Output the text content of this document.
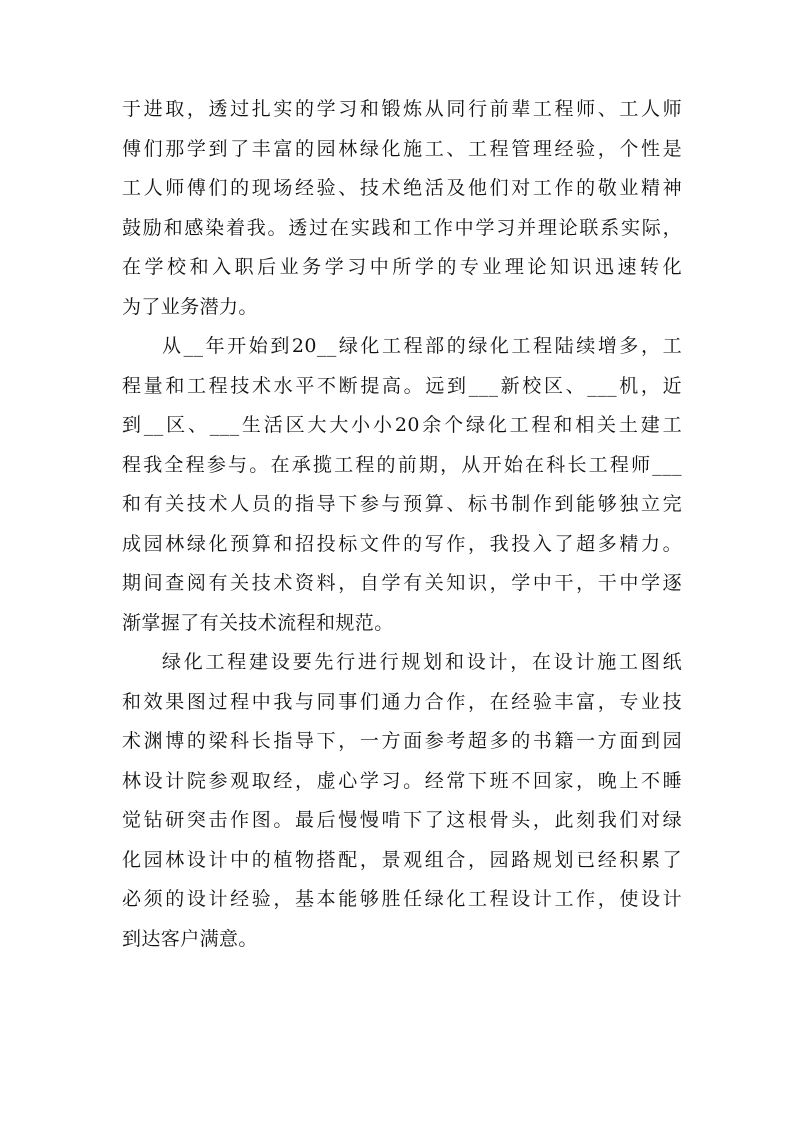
于进取，透过扎实的学习和锻炼从同行前辈工程师、工人师
傅们那学到了丰富的园林绿化施工、工程管理经验，个性是
工人师傅们的现场经验、技术绝活及他们对工作的敬业精神
鼓励和感染着我。透过在实践和工作中学习并理论联系实际，
在学校和入职后业务学习中所学的专业理论知识迅速转化
为了业务潜力。
从__年开始到20__绿化工程部的绿化工程陆续增多，工
程量和工程技术水平不断提高。远到___新校区、___机，近
到__区、___生活区大大小小20余个绿化工程和相关土建工
程我全程参与。在承揽工程的前期，从开始在科长工程师___
和有关技术人员的指导下参与预算、标书制作到能够独立完
成园林绿化预算和招投标文件的写作，我投入了超多精力。
期间查阅有关技术资料，自学有关知识，学中干，干中学逐
渐掌握了有关技术流程和规范。
绿化工程建设要先行进行规划和设计，在设计施工图纸
和效果图过程中我与同事们通力合作，在经验丰富，专业技
术渊博的梁科长指导下，一方面参考超多的书籍一方面到园
林设计院参观取经，虚心学习。经常下班不回家，晚上不睡
觉钻研突击作图。最后慢慢啃下了这根骨头，此刻我们对绿
化园林设计中的植物搭配，景观组合，园路规划已经积累了
必须的设计经验，基本能够胜任绿化工程设计工作，使设计
到达客户满意。
